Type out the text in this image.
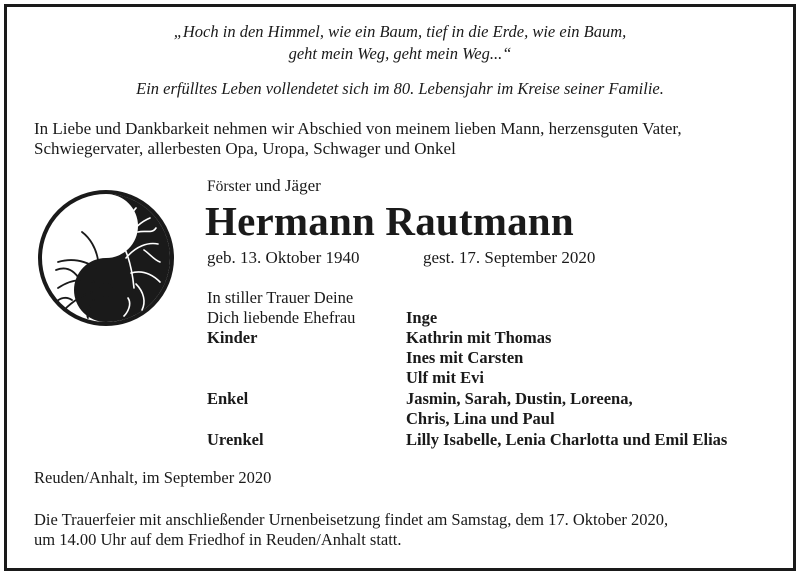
„Hoch in den Himmel, wie ein Baum, tief in die Erde, wie ein Baum,
geht mein Weg, geht mein Weg...“
Ein erfülltes Leben vollendetet sich im 80. Lebensjahr im Kreise seiner Familie.
In Liebe und Dankbarkeit nehmen wir Abschied von meinem lieben Mann, herzensguten Vater,
Schwiegervater, allerbesten Opa, Uropa, Schwager und Onkel
Förster und Jäger
Hermann Rautmann
geb. 13. Oktober 1940	gest. 17. September 2020
In stiller Trauer Deine
Dich liebende Ehefrau	Inge
Kinder	Kathrin mit Thomas
Ines mit Carsten
Ulf mit Evi
Enkel	Jasmin, Sarah, Dustin, Loreena,
Chris, Lina und Paul
Urenkel	Lilly Isabelle, Lenia Charlotta und Emil Elias
Reuden/Anhalt, im September 2020
Die Trauerfeier mit anschließender Urnenbeisetzung findet am Samstag, dem 17. Oktober 2020,
um 14.00 Uhr auf dem Friedhof in Reuden/Anhalt statt.
